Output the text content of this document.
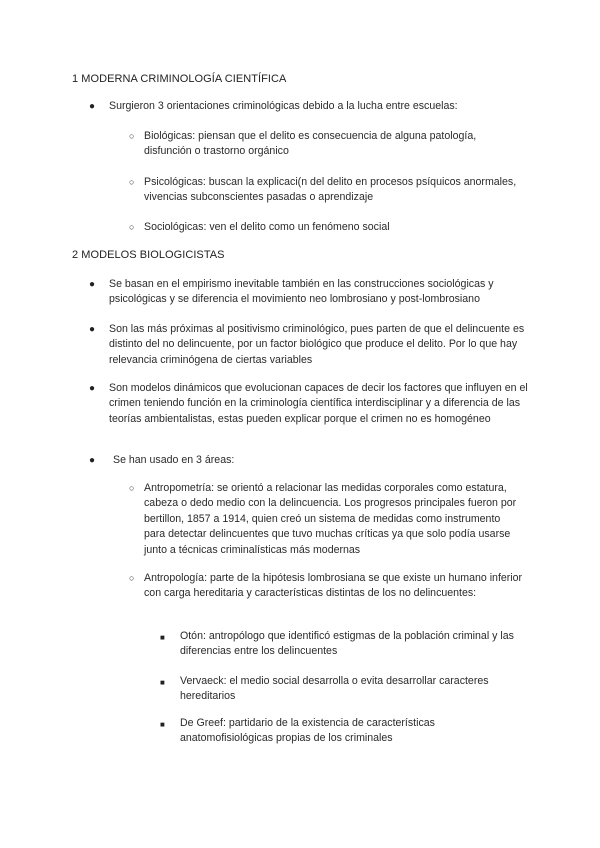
1 MODERNA CRIMINOLOGÍA CIENTÍFICA
● Surgieron 3 orientaciones criminológicas debido a la lucha entre escuelas:
○ Biológicas: piensan que el delito es consecuencia de alguna patología, disfunción o trastorno orgánico
○ Psicológicas: buscan la explicaci(n del delito en procesos psíquicos anormales, vivencias subconscientes pasadas o aprendizaje
○ Sociológicas: ven el delito como un fenómeno social
2 MODELOS BIOLOGICISTAS
● Se basan en el empirismo inevitable también en las construcciones sociológicas y psicológicas y se diferencia el movimiento neo lombrosiano y post-lombrosiano
● Son las más próximas al positivismo criminológico, pues parten de que el delincuente es distinto del no delincuente, por un factor biológico que produce el delito. Por lo que hay relevancia criminógena de ciertas variables
● Son modelos dinámicos que evolucionan capaces de decir los factores que influyen en el crimen teniendo función en la criminología científica interdisciplinar y a diferencia de las teorías ambientalistas, estas pueden explicar porque el crimen no es homogéneo
● Se han usado en 3 áreas:
○ Antropometría: se orientó a relacionar las medidas corporales como estatura, cabeza o dedo medio con la delincuencia. Los progresos principales fueron por bertillon, 1857 a 1914, quien creó un sistema de medidas como instrumento para detectar delincuentes que tuvo muchas críticas ya que solo podía usarse junto a técnicas criminalísticas más modernas
○ Antropología: parte de la hipótesis lombrosiana se que existe un humano inferior con carga hereditaria y características distintas de los no delincuentes:
■ Otón: antropólogo que identificó estigmas de la población criminal y las diferencias entre los delincuentes
■ Vervaeck: el medio social desarrolla o evita desarrollar caracteres hereditarios
■ De Greef: partidario de la existencia de características anatomofisiológicas propias de los criminales
